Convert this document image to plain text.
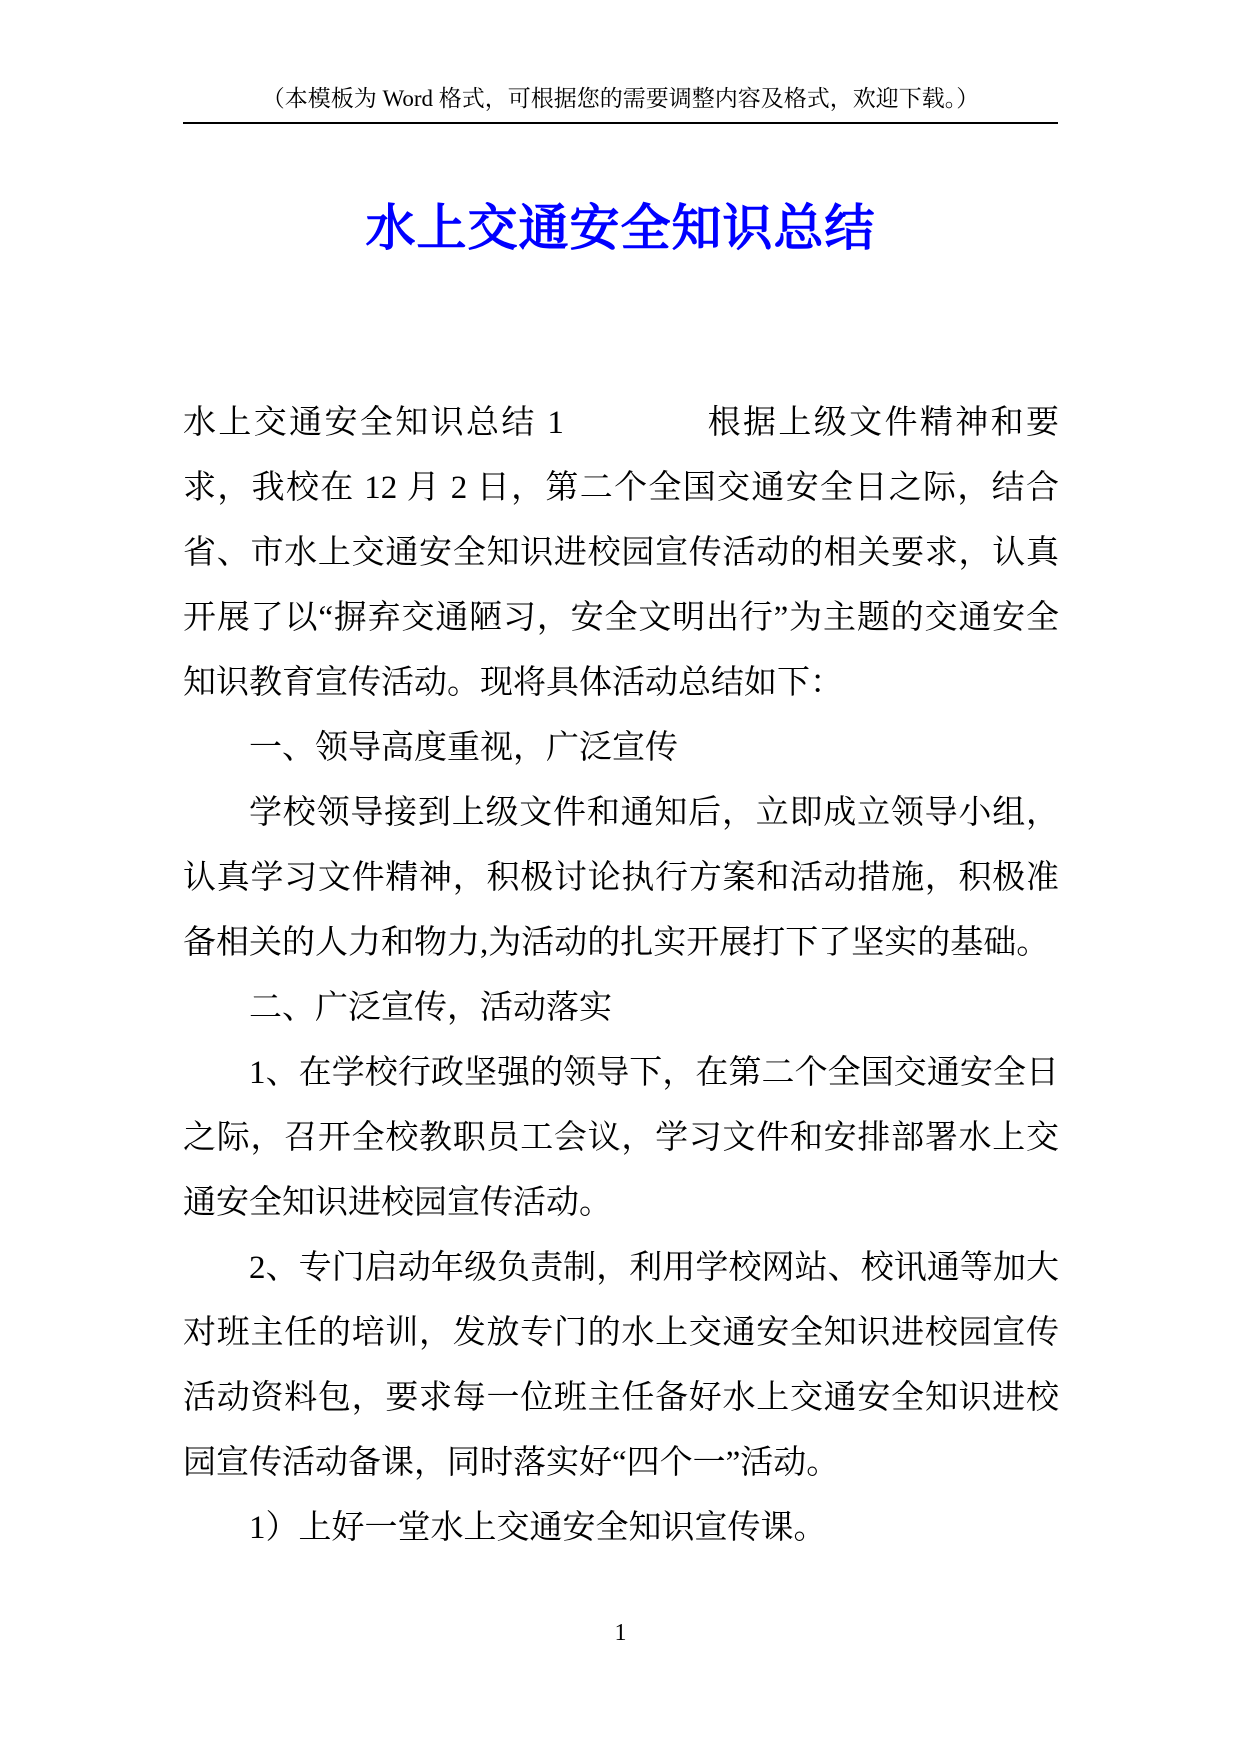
（本模板为 Word 格式，可根据您的需要调整内容及格式，欢迎下载。）
水上交通安全知识总结

水上交通安全知识总结 1　　　　根据上级文件精神和要求，我校在 12 月 2 日，第二个全国交通安全日之际，结合省、市水上交通安全知识进校园宣传活动的相关要求，认真开展了以“摒弃交通陋习，安全文明出行”为主题的交通安全知识教育宣传活动。现将具体活动总结如下：

一、领导高度重视，广泛宣传

学校领导接到上级文件和通知后，立即成立领导小组，认真学习文件精神，积极讨论执行方案和活动措施，积极准备相关的人力和物力,为活动的扎实开展打下了坚实的基础。

二、广泛宣传，活动落实

1、在学校行政坚强的领导下，在第二个全国交通安全日之际，召开全校教职员工会议，学习文件和安排部署水上交通安全知识进校园宣传活动。

2、专门启动年级负责制，利用学校网站、校讯通等加大对班主任的培训，发放专门的水上交通安全知识进校园宣传活动资料包，要求每一位班主任备好水上交通安全知识进校园宣传活动备课，同时落实好“四个一”活动。

1）上好一堂水上交通安全知识宣传课。

1
